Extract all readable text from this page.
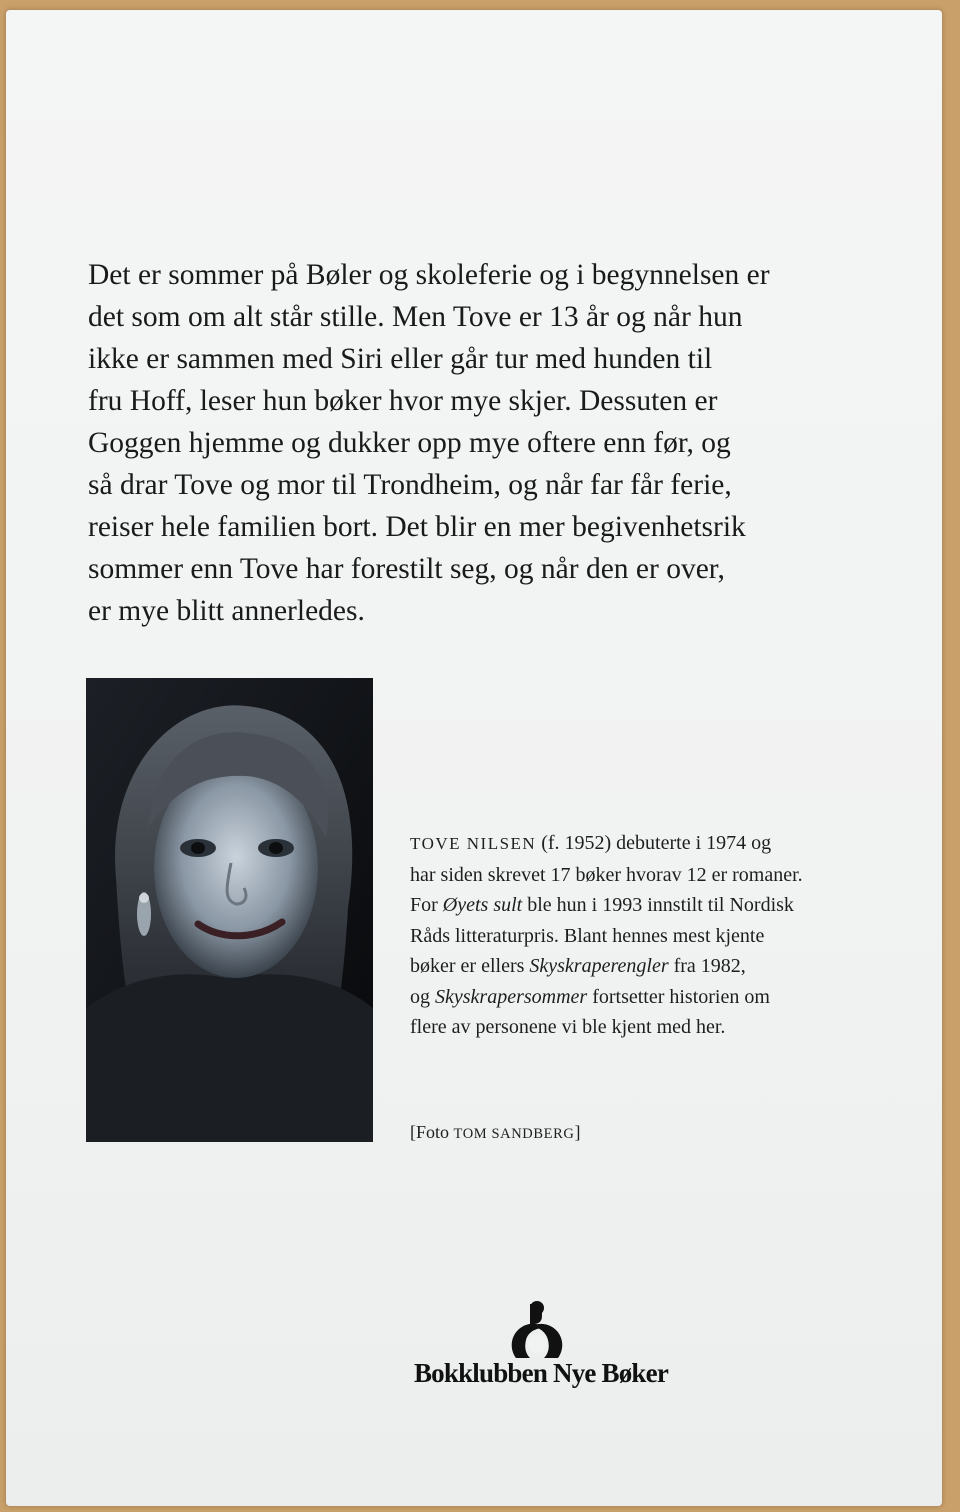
Det er sommer på Bøler og skoleferie og i begynnelsen er
det som om alt står stille. Men Tove er 13 år og når hun
ikke er sammen med Siri eller går tur med hunden til
fru Hoff, leser hun bøker hvor mye skjer. Dessuten er
Goggen hjemme og dukker opp mye oftere enn før, og
så drar Tove og mor til Trondheim, og når far får ferie,
reiser hele familien bort. Det blir en mer begivenhetsrik
sommer enn Tove har forestilt seg, og når den er over,
er mye blitt annerledes.

TOVE NILSEN (f. 1952) debuterte i 1974 og
har siden skrevet 17 bøker hvorav 12 er romaner.
For Øyets sult ble hun i 1993 innstilt til Nordisk
Råds litteraturpris. Blant hennes mest kjente
bøker er ellers Skyskraperengler fra 1982,
og Skyskrapersommer fortsetter historien om
flere av personene vi ble kjent med her.

[Foto TOM SANDBERG]

Bokklubben Nye Bøker
